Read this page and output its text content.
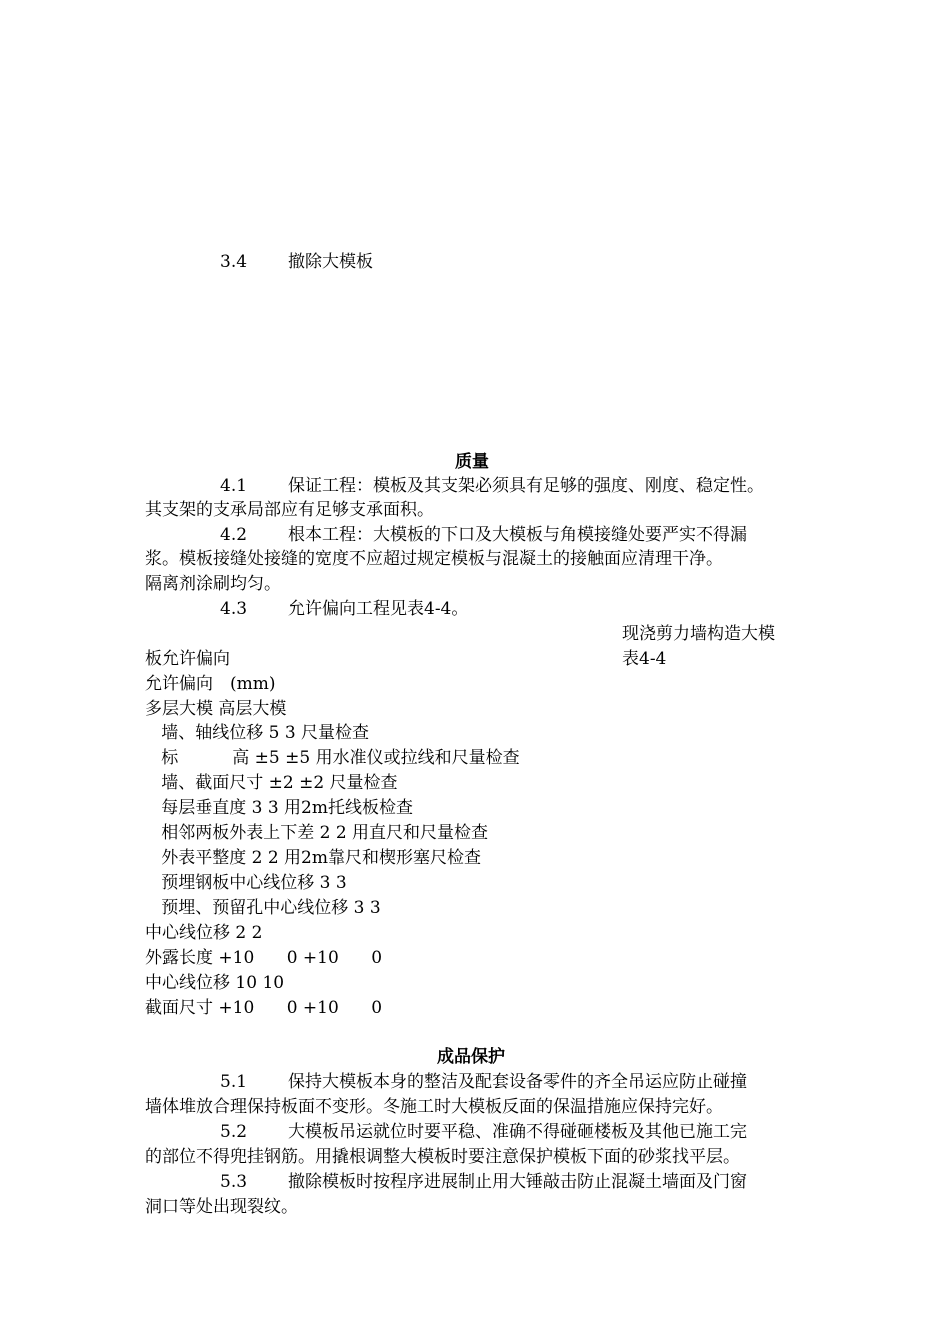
3.4 撤除大模板
质量
4.1 保证工程：模板及其支架必须具有足够的强度、刚度、稳定性。
其支架的支承局部应有足够支承面积。
4.2 根本工程：大模板的下口及大模板与角模接缝处要严实不得漏
浆。模板接缝处接缝的宽度不应超过规定模板与混凝土的接触面应清理干净。
隔离剂涂刷均匀。
4.3 允许偏向工程见表4-4。
现浇剪力墙构造大模
板允许偏向	表4-4
允许偏向　(mm)
多层大模 高层大模
墙、轴线位移 5 3 尺量检查
标          高 ±5 ±5 用水准仪或拉线和尺量检查
墙、截面尺寸 ±2 ±2 尺量检查
每层垂直度 3 3 用2m托线板检查
相邻两板外表上下差 2 2 用直尺和尺量检查
外表平整度 2 2 用2m靠尺和楔形塞尺检查
预埋钢板中心线位移 3 3
预埋、预留孔中心线位移 3 3
中心线位移 2 2
外露长度 +10      0 +10      0
中心线位移 10 10
截面尺寸 +10      0 +10      0
成品保护
5.1 保持大模板本身的整洁及配套设备零件的齐全吊运应防止碰撞
墙体堆放合理保持板面不变形。冬施工时大模板反面的保温措施应保持完好。
5.2 大模板吊运就位时要平稳、准确不得碰砸楼板及其他已施工完
的部位不得兜挂钢筋。用撬根调整大模板时要注意保护模板下面的砂浆找平层。
5.3 撤除模板时按程序进展制止用大锤敲击防止混凝土墙面及门窗
洞口等处出现裂纹。
